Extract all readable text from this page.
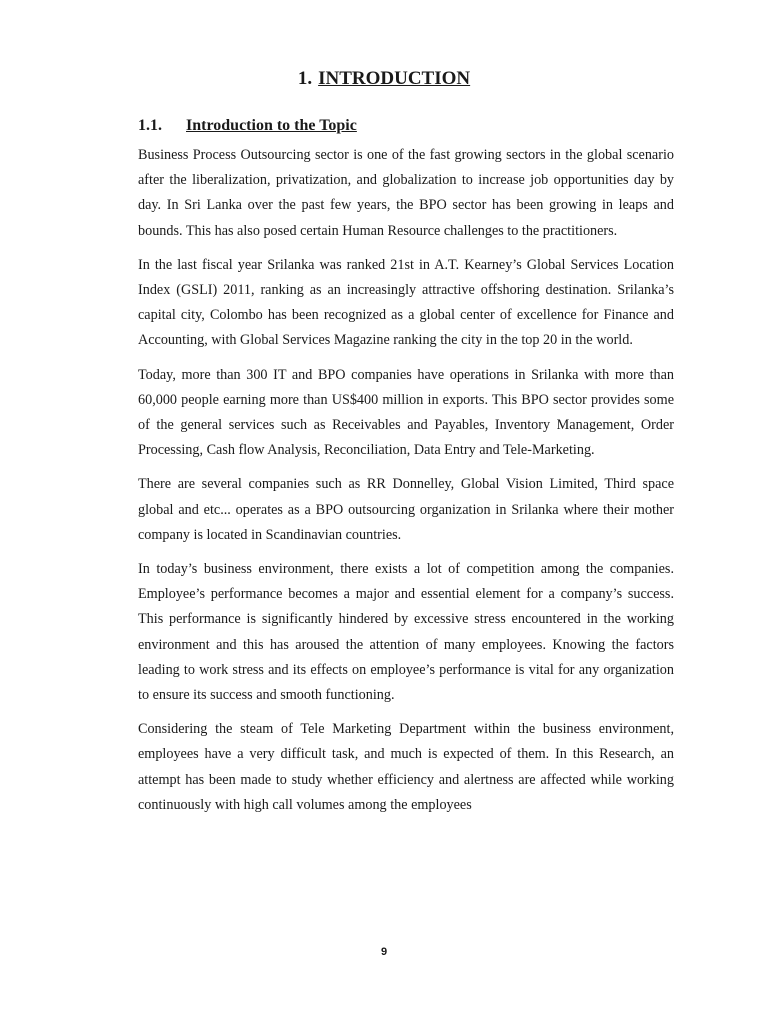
1. INTRODUCTION
1.1. Introduction to the Topic

Business Process Outsourcing sector is one of the fast growing sectors in the global scenario after the liberalization, privatization, and globalization to increase job opportunities day by day. In Sri Lanka over the past few years, the BPO sector has been growing in leaps and bounds. This has also posed certain Human Resource challenges to the practitioners.

In the last fiscal year Srilanka was ranked 21st in A.T. Kearney’s Global Services Location Index (GSLI) 2011, ranking as an increasingly attractive offshoring destination. Srilanka’s capital city, Colombo has been recognized as a global center of excellence for Finance and Accounting, with Global Services Magazine ranking the city in the top 20 in the world.

Today, more than 300 IT and BPO companies have operations in Srilanka with more than 60,000 people earning more than US$400 million in exports. This BPO sector provides some of the general services such as Receivables and Payables, Inventory Management, Order Processing, Cash flow Analysis, Reconciliation, Data Entry and Tele-Marketing.

There are several companies such as RR Donnelley, Global Vision Limited, Third space global and etc... operates as a BPO outsourcing organization in Srilanka where their mother company is located in Scandinavian countries.

In today’s business environment, there exists a lot of competition among the companies. Employee’s performance becomes a major and essential element for a company’s success. This performance is significantly hindered by excessive stress encountered in the working environment and this has aroused the attention of many employees. Knowing the factors leading to work stress and its effects on employee’s performance is vital for any organization to ensure its success and smooth functioning.

Considering the steam of Tele Marketing Department within the business environment, employees have a very difficult task, and much is expected of them. In this Research, an attempt has been made to study whether efficiency and alertness are affected while working continuously with high call volumes among the employees

9
